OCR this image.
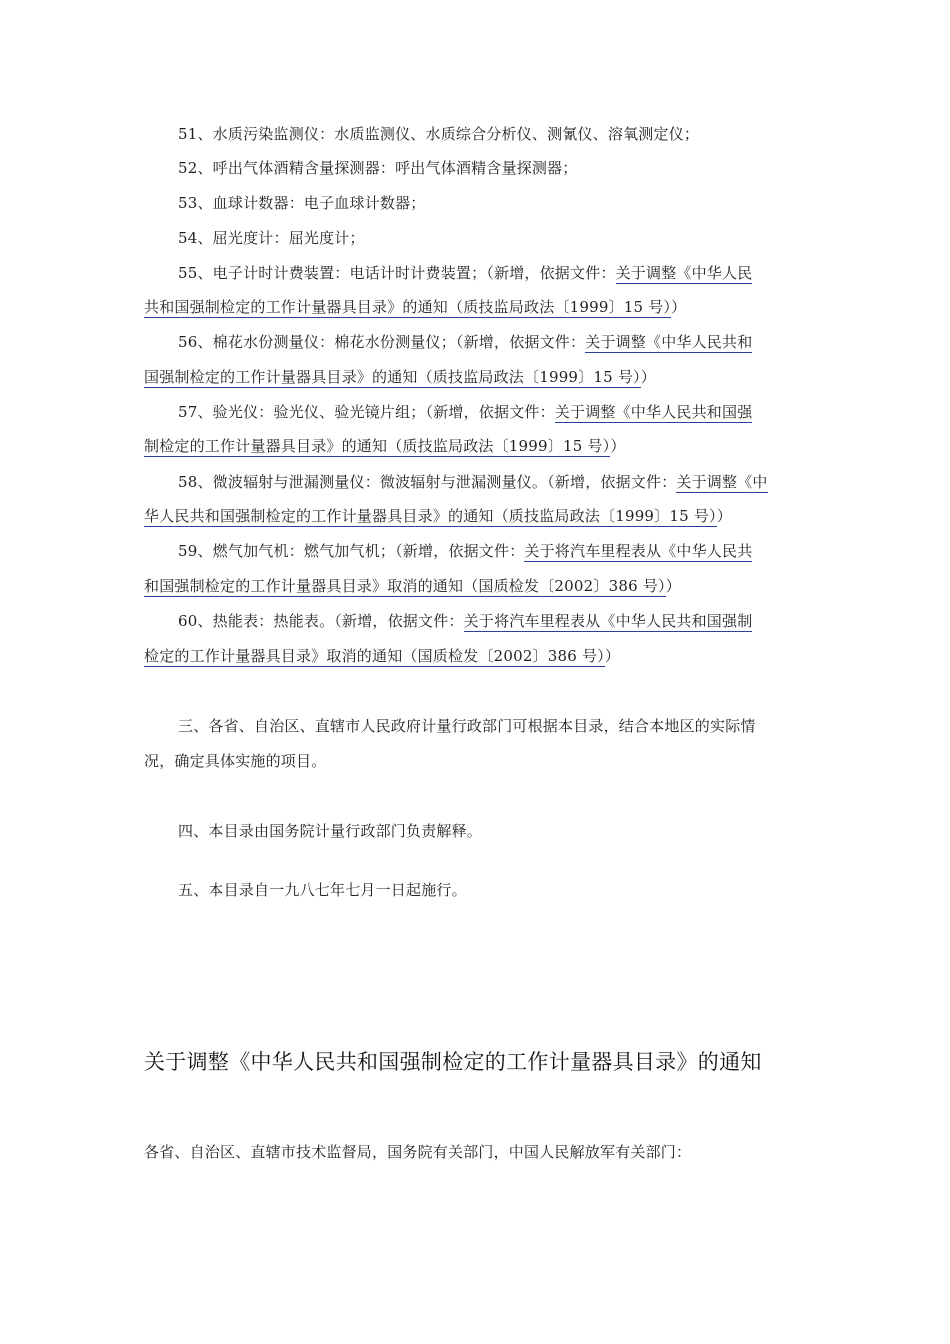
51、水质污染监测仪：水质监测仪、水质综合分析仪、测氰仪、溶氧测定仪；
52、呼出气体酒精含量探测器：呼出气体酒精含量探测器；
53、血球计数器：电子血球计数器；
54、屈光度计：屈光度计；
55、电子计时计费装置：电话计时计费装置；（新增，依据文件：关于调整《中华人民
共和国强制检定的工作计量器具目录》的通知（质技监局政法〔1999〕15 号））
56、棉花水份测量仪：棉花水份测量仪；（新增，依据文件：关于调整《中华人民共和
国强制检定的工作计量器具目录》的通知（质技监局政法〔1999〕15 号））
57、验光仪：验光仪、验光镜片组；（新增，依据文件：关于调整《中华人民共和国强
制检定的工作计量器具目录》的通知（质技监局政法〔1999〕15 号））
58、微波辐射与泄漏测量仪：微波辐射与泄漏测量仪。（新增，依据文件：关于调整《中
华人民共和国强制检定的工作计量器具目录》的通知（质技监局政法〔1999〕15 号））
59、燃气加气机：燃气加气机；（新增，依据文件：关于将汽车里程表从《中华人民共
和国强制检定的工作计量器具目录》取消的通知（国质检发〔2002〕386 号））
60、热能表：热能表。（新增，依据文件：关于将汽车里程表从《中华人民共和国强制
检定的工作计量器具目录》取消的通知（国质检发〔2002〕386 号））
三、各省、自治区、直辖市人民政府计量行政部门可根据本目录，结合本地区的实际情
况，确定具体实施的项目。
四、本目录由国务院计量行政部门负责解释。
五、本目录自一九八七年七月一日起施行。
关于调整《中华人民共和国强制检定的工作计量器具目录》的通知
各省、自治区、直辖市技术监督局，国务院有关部门，中国人民解放军有关部门：
